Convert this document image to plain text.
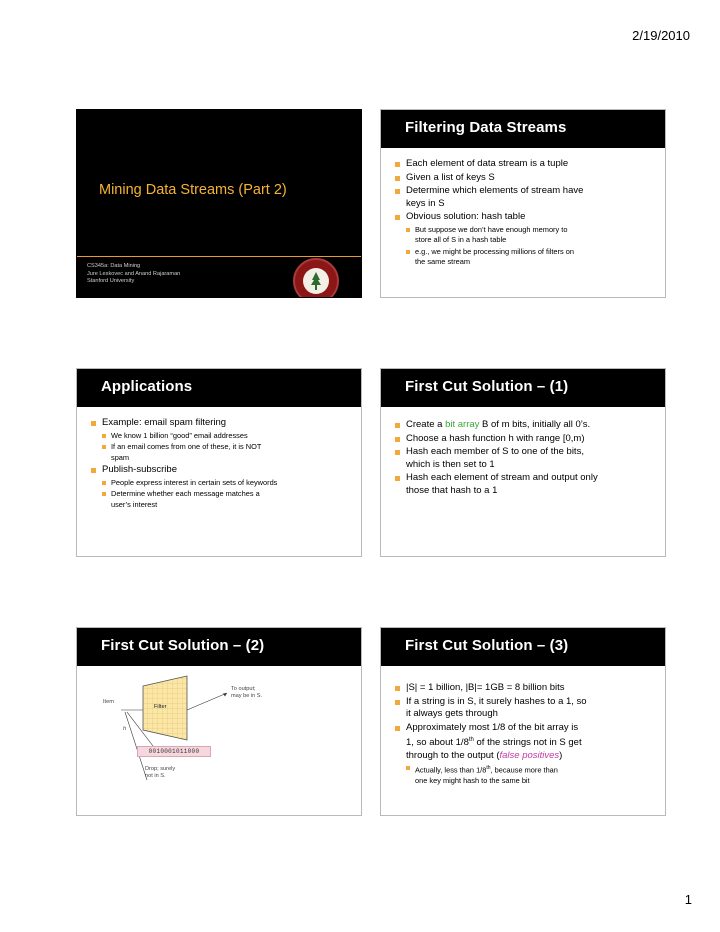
2/19/2010
Mining Data Streams (Part 2)
CS345a: Data Mining
Jure Leskovec and Anand Rajaraman
Stanford University
Filtering Data Streams
Each element of data stream is a tuple
Given a list of keys S
Determine which elements of stream have
keys in S
Obvious solution: hash table
But suppose we don’t have enough memory to
store all of S in a hash table
e.g., we might be processing millions of filters on
the same stream
Applications
Example: email spam filtering
We know 1 billion “good” email addresses
If an email comes from one of these, it is NOT
spam
Publish-subscribe
People express interest in certain sets of keywords
Determine whether each message matches a
user’s interest
First Cut Solution – (1)
Create a bit array B of m bits, initially all 0’s.
Choose a hash function h with range [0,m)
Hash each member of S to one of the bits,
which is then set to 1
Hash each element of stream and output only
those that hash to a 1
First Cut Solution – (2)
Item
Filter
To output;
may be in S.
h
0010001011000
Drop; surely
not in S.
First Cut Solution – (3)
|S| = 1 billion, |B|= 1GB = 8 billion bits
If a string is in S, it surely hashes to a 1, so
it always gets through
Approximately most 1/8 of the bit array is
1, so about 1/8th of the strings not in S get
through to the output (false positives)
Actually, less than 1/8th, because more than
one key might hash to the same bit
1
